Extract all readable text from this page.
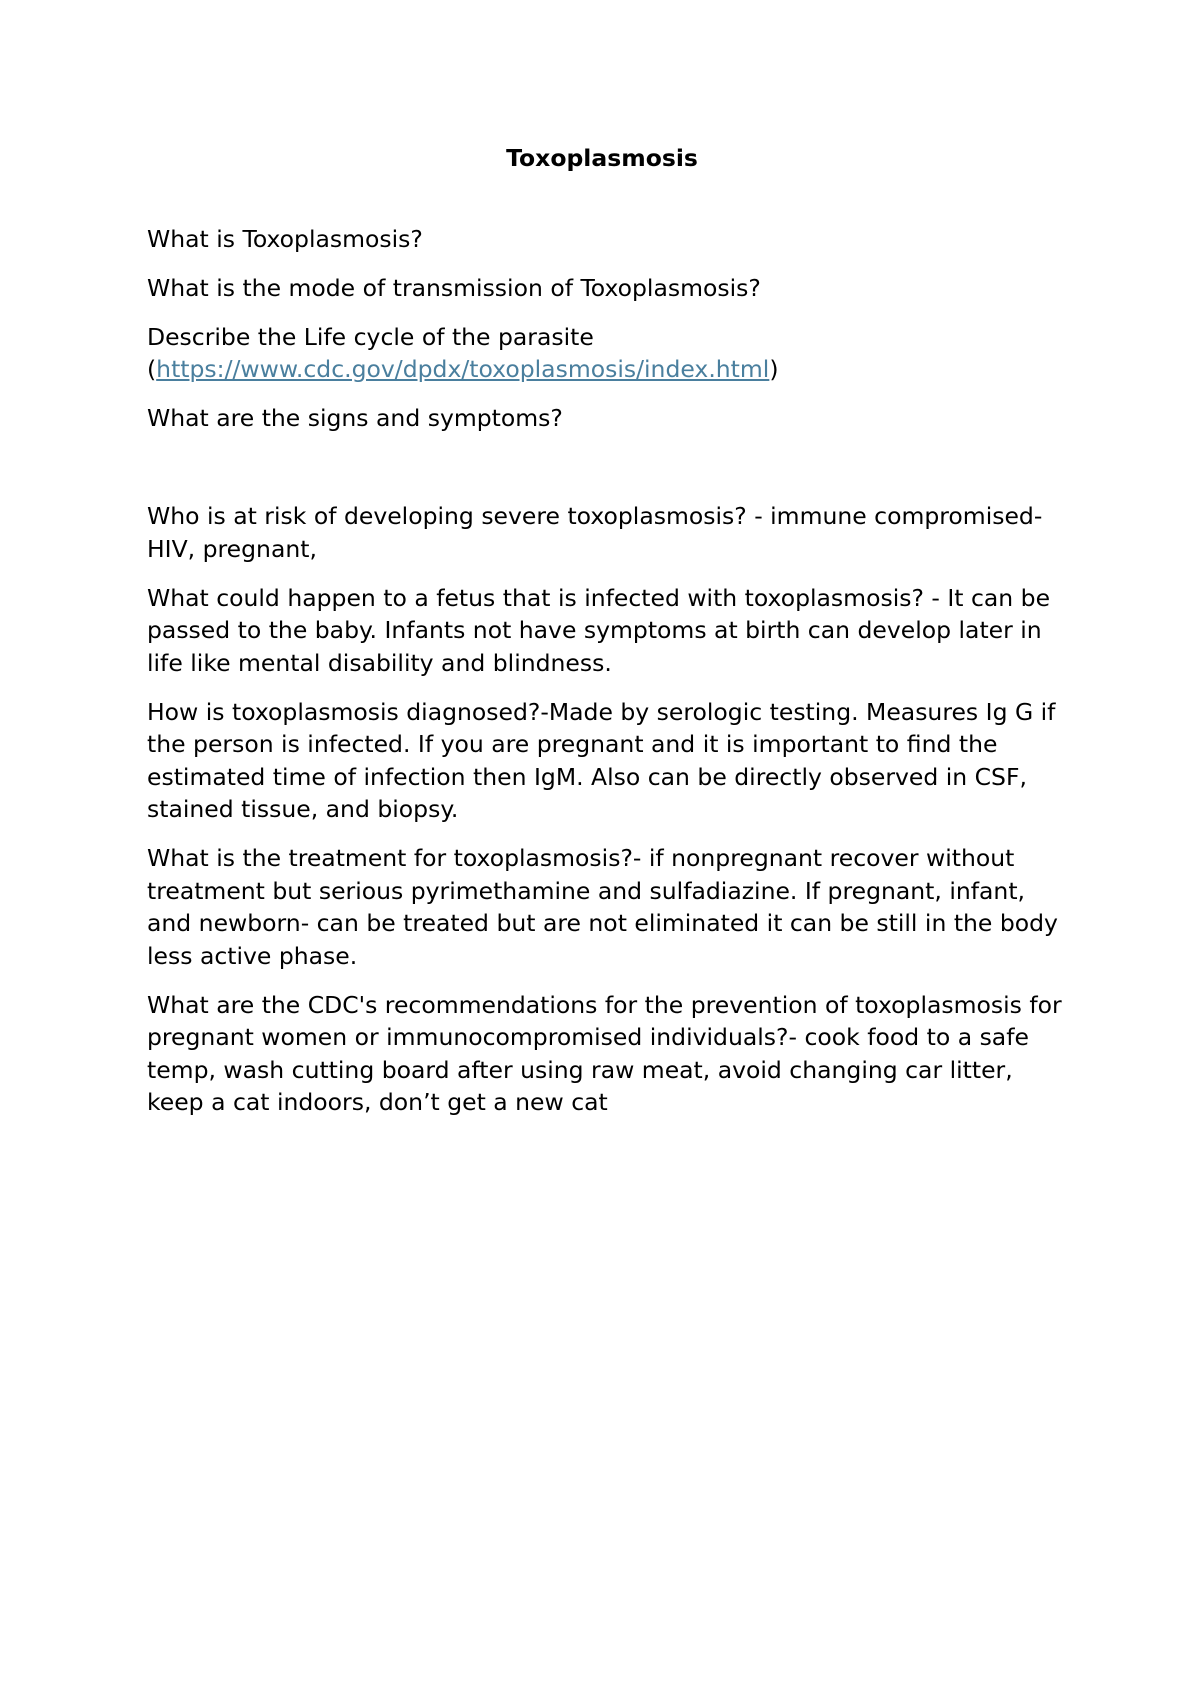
Toxoplasmosis

What is Toxoplasmosis?

What is the mode of transmission of Toxoplasmosis?

Describe the Life cycle of the parasite
(https://www.cdc.gov/dpdx/toxoplasmosis/index.html)

What are the signs and symptoms?

Who is at risk of developing severe toxoplasmosis? - immune compromised- HIV, pregnant,

What could happen to a fetus that is infected with toxoplasmosis? - It can be passed to the baby. Infants not have symptoms at birth can develop later in life like mental disability and blindness.

How is toxoplasmosis diagnosed?-Made by serologic testing. Measures Ig G if the person is infected. If you are pregnant and it is important to find the estimated time of infection then IgM. Also can be directly observed in CSF, stained tissue, and biopsy.

What is the treatment for toxoplasmosis?- if nonpregnant recover without treatment but serious pyrimethamine and sulfadiazine. If pregnant, infant, and newborn- can be treated but are not eliminated it can be still in the body less active phase.

What are the CDC's recommendations for the prevention of toxoplasmosis for pregnant women or immunocompromised individuals?- cook food to a safe temp, wash cutting board after using raw meat, avoid changing car litter, keep a cat indoors, don’t get a new cat
